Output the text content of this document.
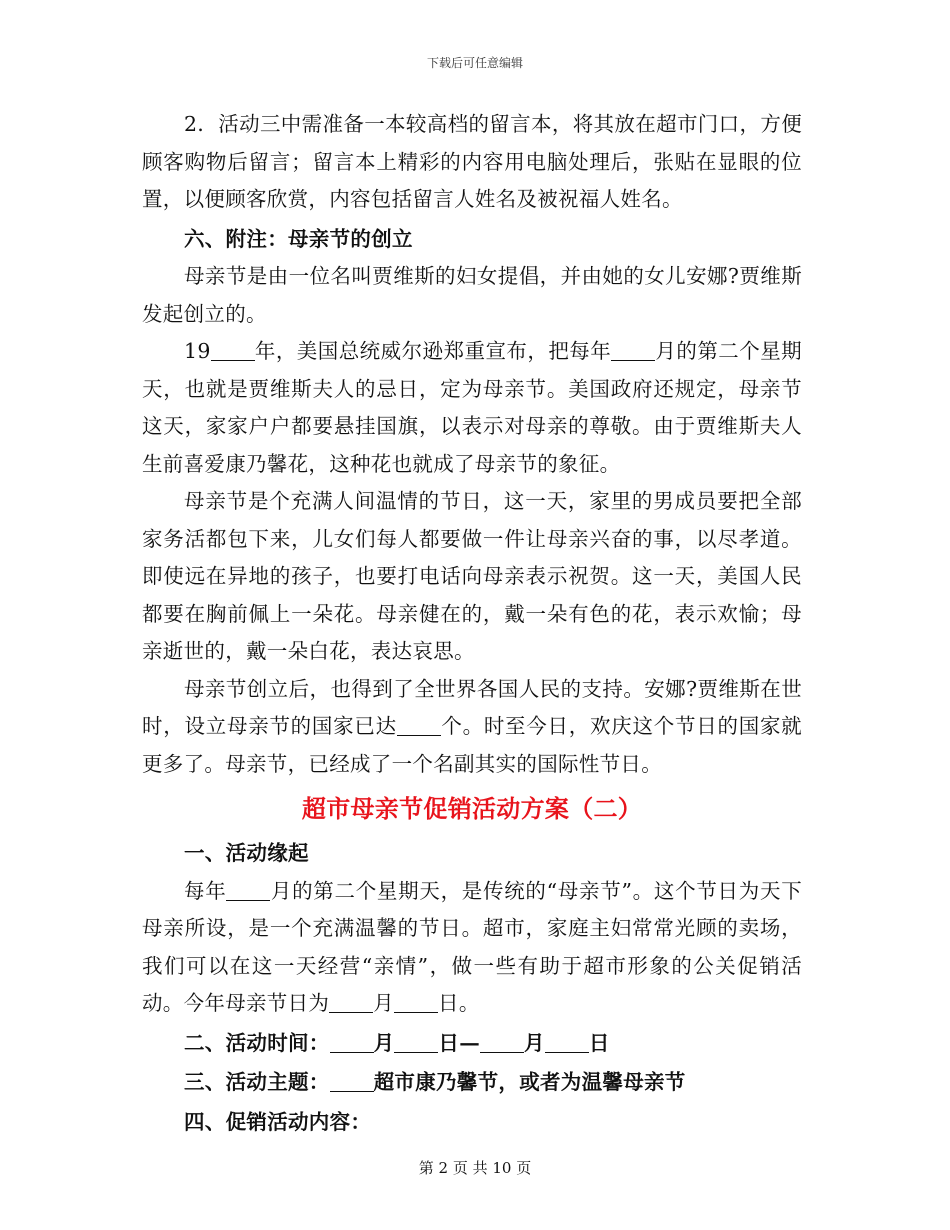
下载后可任意编辑

2．活动三中需准备一本较高档的留言本，将其放在超市门口，方便顾客购物后留言；留言本上精彩的内容用电脑处理后，张贴在显眼的位置，以便顾客欣赏，内容包括留言人姓名及被祝福人姓名。

六、附注：母亲节的创立

母亲节是由一位名叫贾维斯的妇女提倡，并由她的女儿安娜?贾维斯发起创立的。

19 年，美国总统威尔逊郑重宣布，把每年 月的第二个星期天，也就是贾维斯夫人的忌日，定为母亲节。美国政府还规定，母亲节这天，家家户户都要悬挂国旗，以表示对母亲的尊敬。由于贾维斯夫人生前喜爱康乃馨花，这种花也就成了母亲节的象征。

母亲节是个充满人间温情的节日，这一天，家里的男成员要把全部家务活都包下来，儿女们每人都要做一件让母亲兴奋的事，以尽孝道。即使远在异地的孩子，也要打电话向母亲表示祝贺。这一天，美国人民都要在胸前佩上一朵花。母亲健在的，戴一朵有色的花，表示欢愉；母亲逝世的，戴一朵白花，表达哀思。

母亲节创立后，也得到了全世界各国人民的支持。安娜?贾维斯在世时，设立母亲节的国家已达 个。时至今日，欢庆这个节日的国家就更多了。母亲节，已经成了一个名副其实的国际性节日。

超市母亲节促销活动方案（二）

一、活动缘起

每年 月的第二个星期天，是传统的“母亲节”。这个节日为天下母亲所设，是一个充满温馨的节日。超市，家庭主妇常常光顾的卖场，我们可以在这一天经营“亲情”，做一些有助于超市形象的公关促销活动。今年母亲节日为 月 日。

二、活动时间： 月 日— 月 日

三、活动主题： 超市康乃馨节，或者为温馨母亲节

四、促销活动内容：

第 2 页 共 10 页
